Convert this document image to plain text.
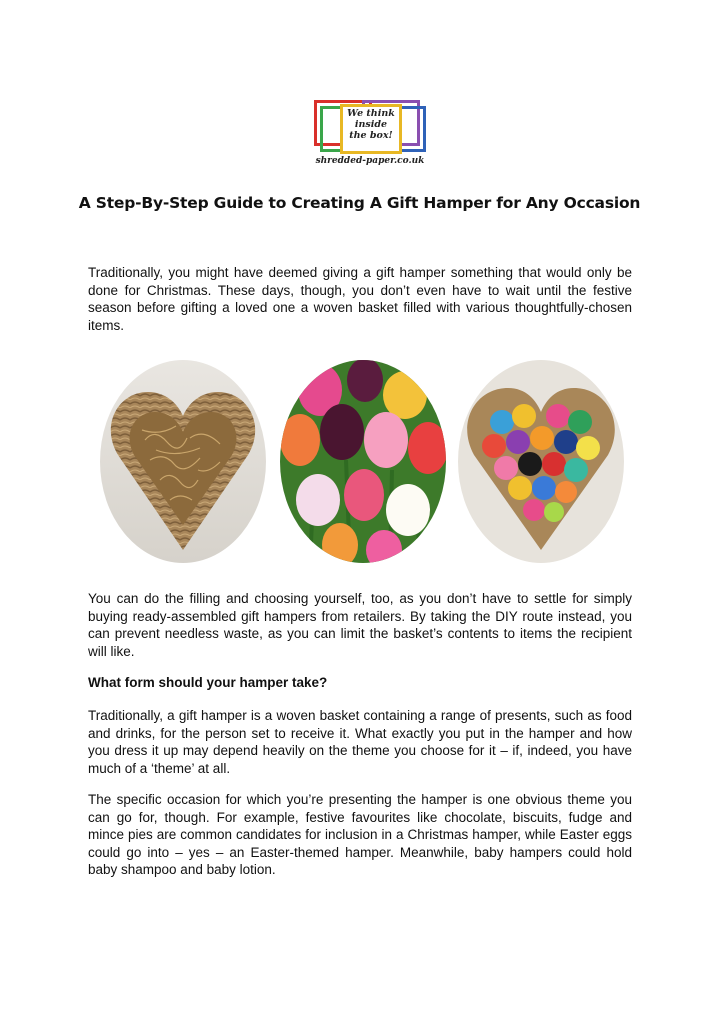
We think
inside
the box!
shredded-paper.co.uk
A Step-By-Step Guide to Creating A Gift Hamper for Any Occasion

Traditionally, you might have deemed giving a gift hamper something that would only be done for Christmas. These days, though, you don’t even have to wait until the festive season before gifting a loved one a woven basket filled with various thoughtfully-chosen items.

You can do the filling and choosing yourself, too, as you don’t have to settle for simply buying ready-assembled gift hampers from retailers. By taking the DIY route instead, you can prevent needless waste, as you can limit the basket’s contents to items the recipient will like.

What form should your hamper take?

Traditionally, a gift hamper is a woven basket containing a range of presents, such as food and drinks, for the person set to receive it. What exactly you put in the hamper and how you dress it up may depend heavily on the theme you choose for it – if, indeed, you have much of a ‘theme’ at all.

The specific occasion for which you’re presenting the hamper is one obvious theme you can go for, though. For example, festive favourites like chocolate, biscuits, fudge and mince pies are common candidates for inclusion in a Christmas hamper, while Easter eggs could go into – yes – an Easter-themed hamper. Meanwhile, baby hampers could hold baby shampoo and baby lotion.
